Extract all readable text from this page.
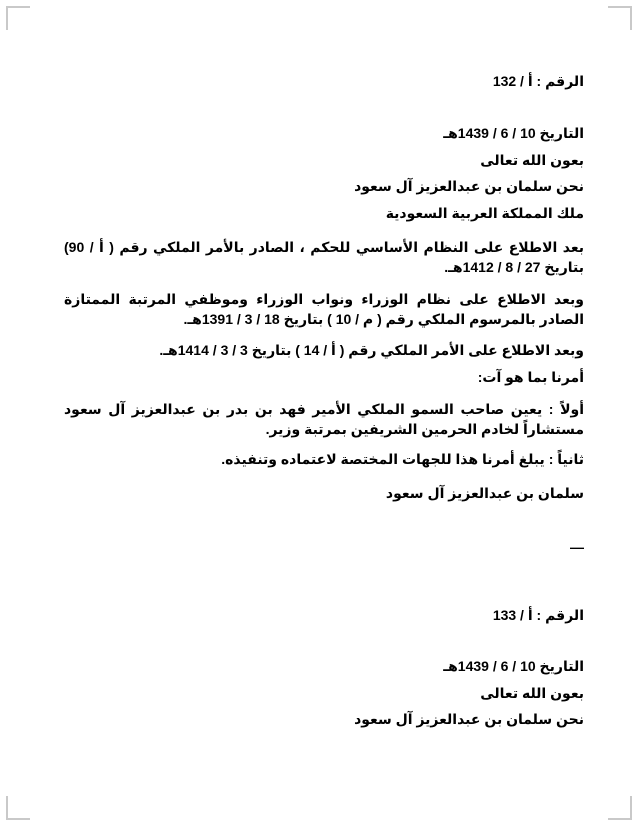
الرقم : أ / 132
التاريخ 10 / 6 / 1439هـ
بعون الله تعالى
نحن سلمان بن عبدالعزيز آل سعود
ملك المملكة العربية السعودية
بعد الاطلاع على النظام الأساسي للحكم ، الصادر بالأمر الملكي رقم ( أ / 90) بتاريخ 27 / 8 / 1412هـ.
وبعد الاطلاع على نظام الوزراء ونواب الوزراء وموظفي المرتبة الممتازة الصادر بالمرسوم الملكي رقم ( م / 10 ) بتاريخ 18 / 3 / 1391هـ.
وبعد الاطلاع على الأمر الملكي رقم ( أ / 14 ) بتاريخ 3 / 3 / 1414هـ.
أمرنا بما هو آت:
أولاً : يعين صاحب السمو الملكي الأمير فهد بن بدر بن عبدالعزيز آل سعود مستشاراً لخادم الحرمين الشريفين بمرتبة وزير.
ثانياً : يبلغ أمرنا هذا للجهات المختصة لاعتماده وتنفيذه.
سلمان بن عبدالعزيز آل سعود
—
الرقم : أ / 133
التاريخ 10 / 6 / 1439هـ
بعون الله تعالى
نحن سلمان بن عبدالعزيز آل سعود
